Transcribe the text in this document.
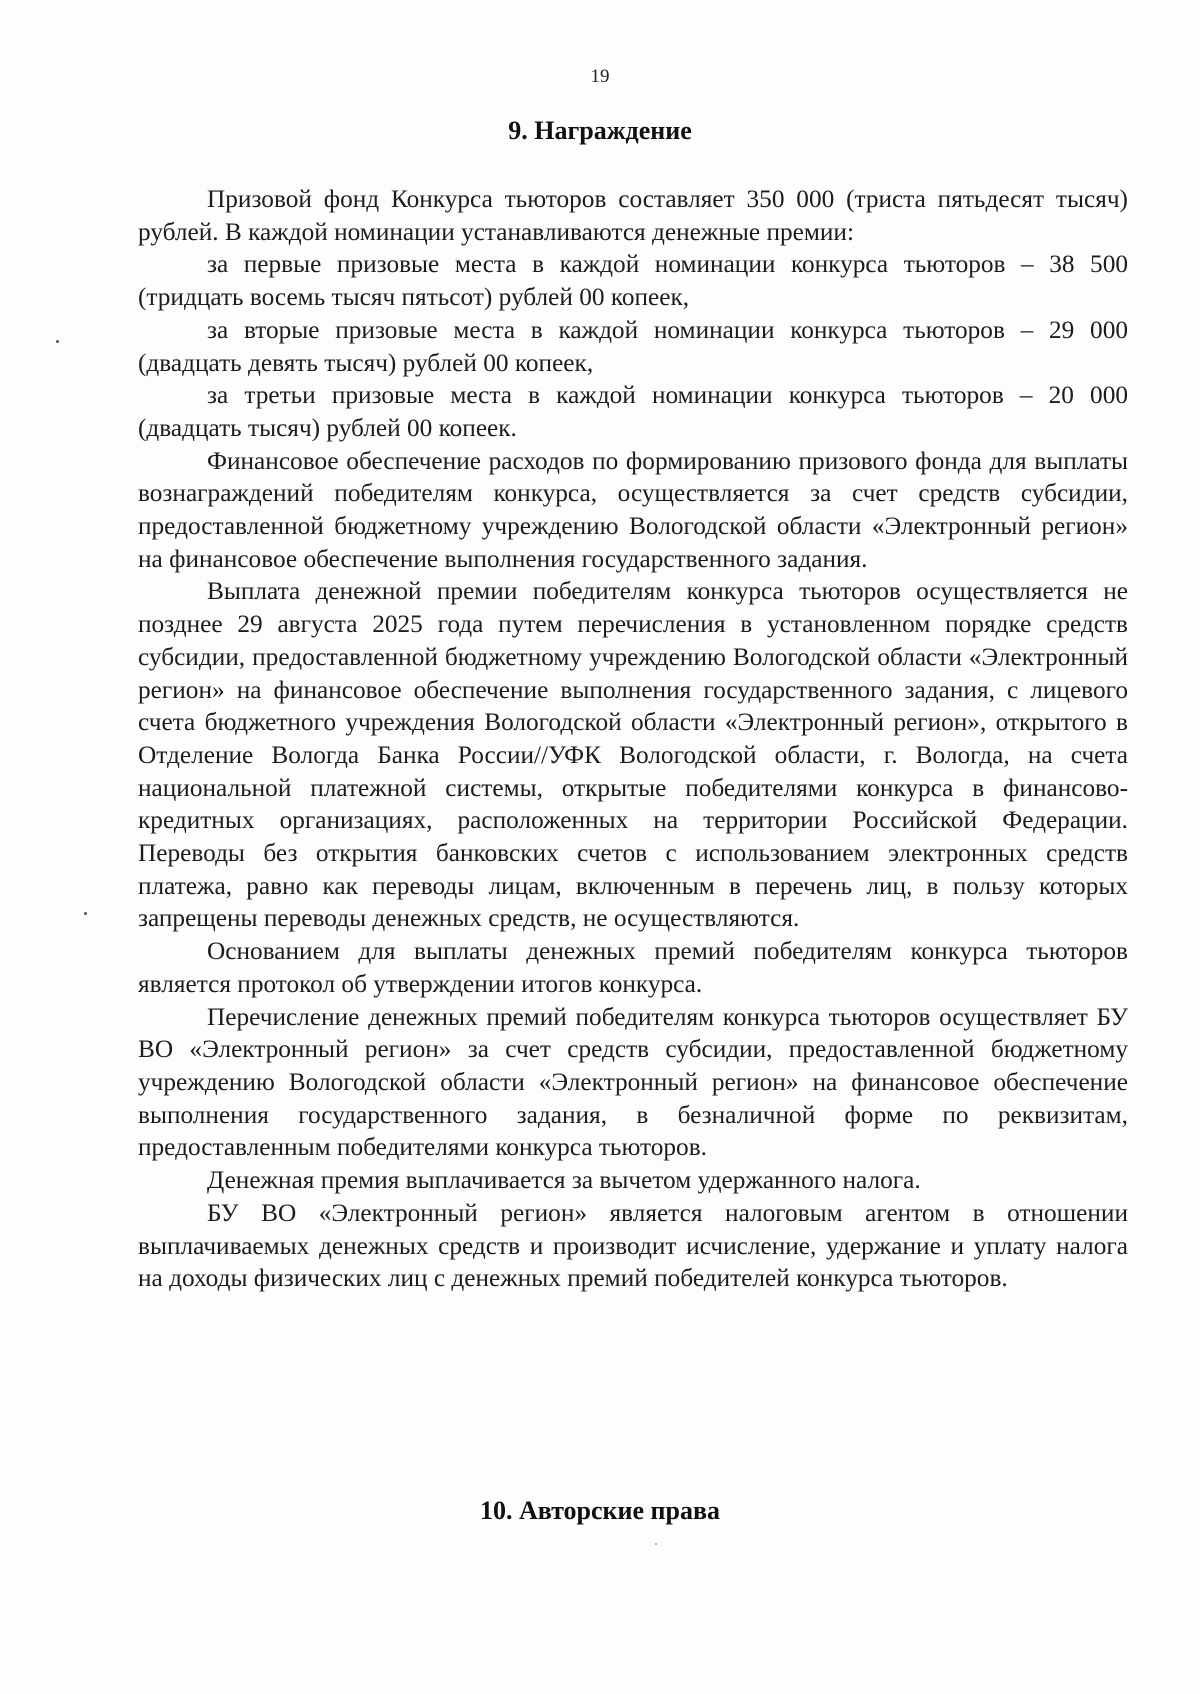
19
9. Награждение

Призовой фонд Конкурса тьюторов составляет 350 000 (триста пятьдесят тысяч) рублей. В каждой номинации устанавливаются денежные премии:

за первые призовые места в каждой номинации конкурса тьюторов – 38 500 (тридцать восемь тысяч пятьсот) рублей 00 копеек,

за вторые призовые места в каждой номинации конкурса тьюторов – 29 000 (двадцать девять тысяч) рублей 00 копеек,

за третьи призовые места в каждой номинации конкурса тьюторов – 20 000 (двадцать тысяч) рублей 00 копеек.

Финансовое обеспечение расходов по формированию призового фонда для выплаты вознаграждений победителям конкурса, осуществляется за счет средств субсидии, предоставленной бюджетному учреждению Вологодской области «Электронный регион» на финансовое обеспечение выполнения государственного задания.

Выплата денежной премии победителям конкурса тьюторов осуществляется не позднее 29 августа 2025 года путем перечисления в установленном порядке средств субсидии, предоставленной бюджетному учреждению Вологодской области «Электронный регион» на финансовое обеспечение выполнения государственного задания, с лицевого счета бюджетного учреждения Вологодской области «Электронный регион», открытого в Отделение Вологда Банка России//УФК Вологодской области, г. Вологда, на счета национальной платежной системы, открытые победителями конкурса в финансово-кредитных организациях, расположенных на территории Российской Федерации. Переводы без открытия банковских счетов с использованием электронных средств платежа, равно как переводы лицам, включенным в перечень лиц, в пользу которых запрещены переводы денежных средств, не осуществляются.

Основанием для выплаты денежных премий победителям конкурса тьюторов является протокол об утверждении итогов конкурса.

Перечисление денежных премий победителям конкурса тьюторов осуществляет БУ ВО «Электронный регион» за счет средств субсидии, предоставленной бюджетному учреждению Вологодской области «Электронный регион» на финансовое обеспечение выполнения государственного задания, в безналичной форме по реквизитам, предоставленным победителями конкурса тьюторов.

Денежная премия выплачивается за вычетом удержанного налога.

БУ ВО «Электронный регион» является налоговым агентом в отношении выплачиваемых денежных средств и производит исчисление, удержание и уплату налога на доходы физических лиц с денежных премий победителей конкурса тьюторов.

10. Авторские права
